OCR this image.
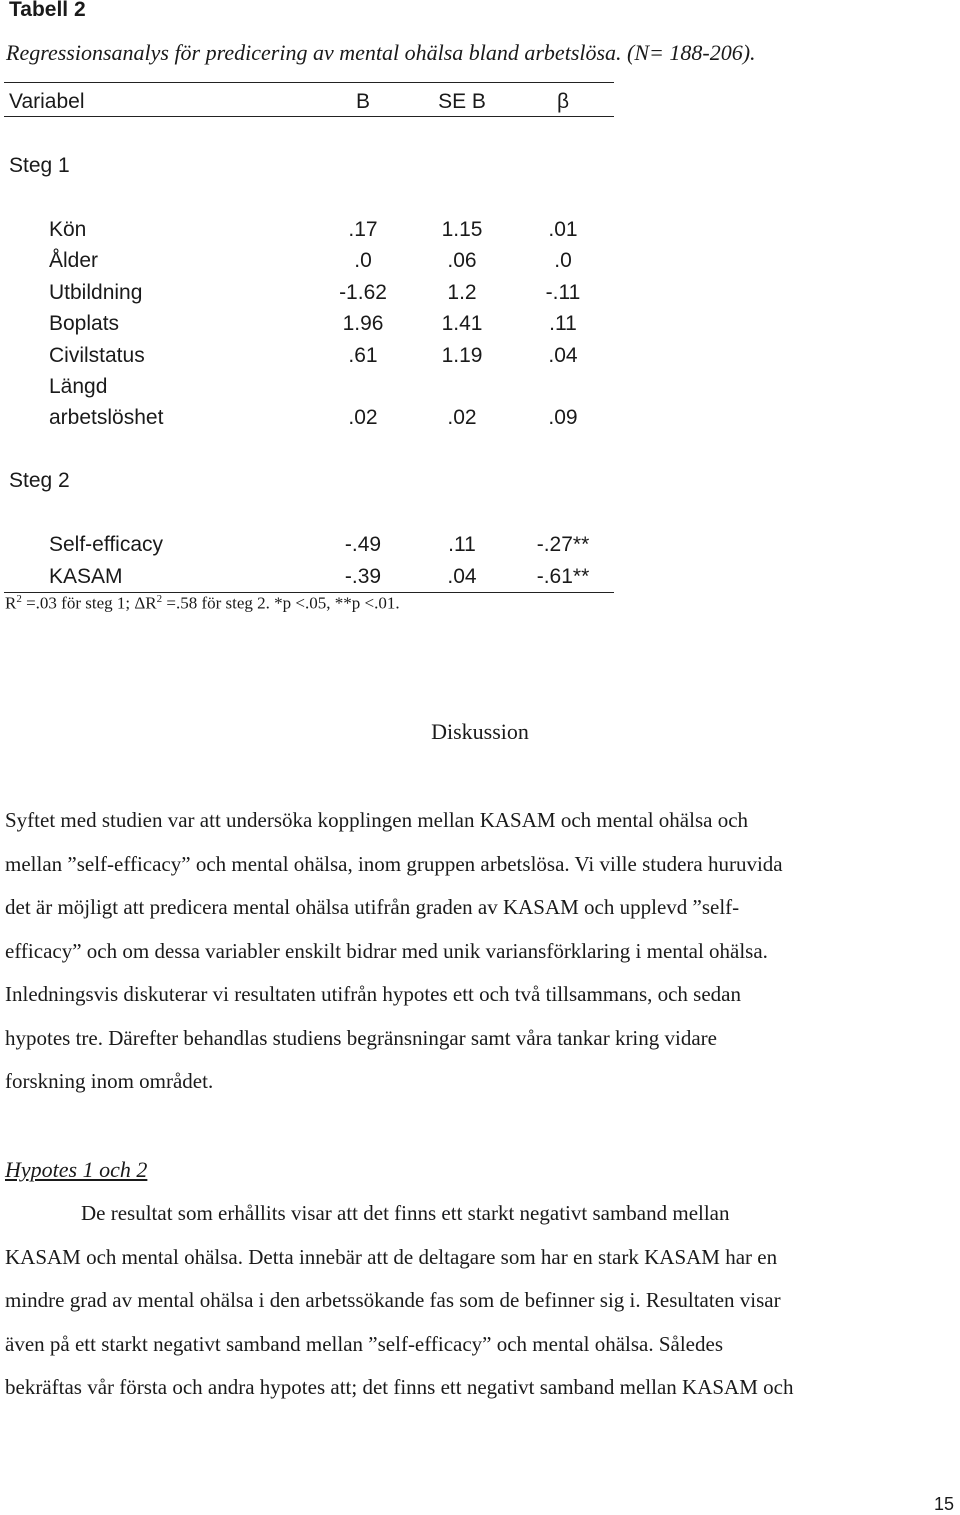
Tabell 2
Regressionsanalys för predicering av mental ohälsa bland arbetslösa. (N= 188-206).
Variabel	B	SE B	β
Steg 1
Kön	.17	1.15	.01
Ålder	.0	.06	.0
Utbildning	-1.62	1.2	-.11
Boplats	1.96	1.41	.11
Civilstatus	.61	1.19	.04
Längd
arbetslöshet	.02	.02	.09
Steg 2
Self-efficacy	-.49	.11	-.27**
KASAM	-.39	.04	-.61**
$R^2 =.03$ för steg 1; $\Delta R^2 =.58$ för steg 2. *p <.05, **p <.01.
Diskussion
Syftet med studien var att undersöka kopplingen mellan KASAM och mental ohälsa och
mellan ”self-efficacy” och mental ohälsa, inom gruppen arbetslösa. Vi ville studera huruvida
det är möjligt att predicera mental ohälsa utifrån graden av KASAM och upplevd ”self-
efficacy” och om dessa variabler enskilt bidrar med unik variansförklaring i mental ohälsa.
Inledningsvis diskuterar vi resultaten utifrån hypotes ett och två tillsammans, och sedan
hypotes tre. Därefter behandlas studiens begränsningar samt våra tankar kring vidare
forskning inom området.
Hypotes 1 och 2
De resultat som erhållits visar att det finns ett starkt negativt samband mellan
KASAM och mental ohälsa. Detta innebär att de deltagare som har en stark KASAM har en
mindre grad av mental ohälsa i den arbetssökande fas som de befinner sig i. Resultaten visar
även på ett starkt negativt samband mellan ”self-efficacy” och mental ohälsa. Således
bekräftas vår första och andra hypotes att; det finns ett negativt samband mellan KASAM och
15
